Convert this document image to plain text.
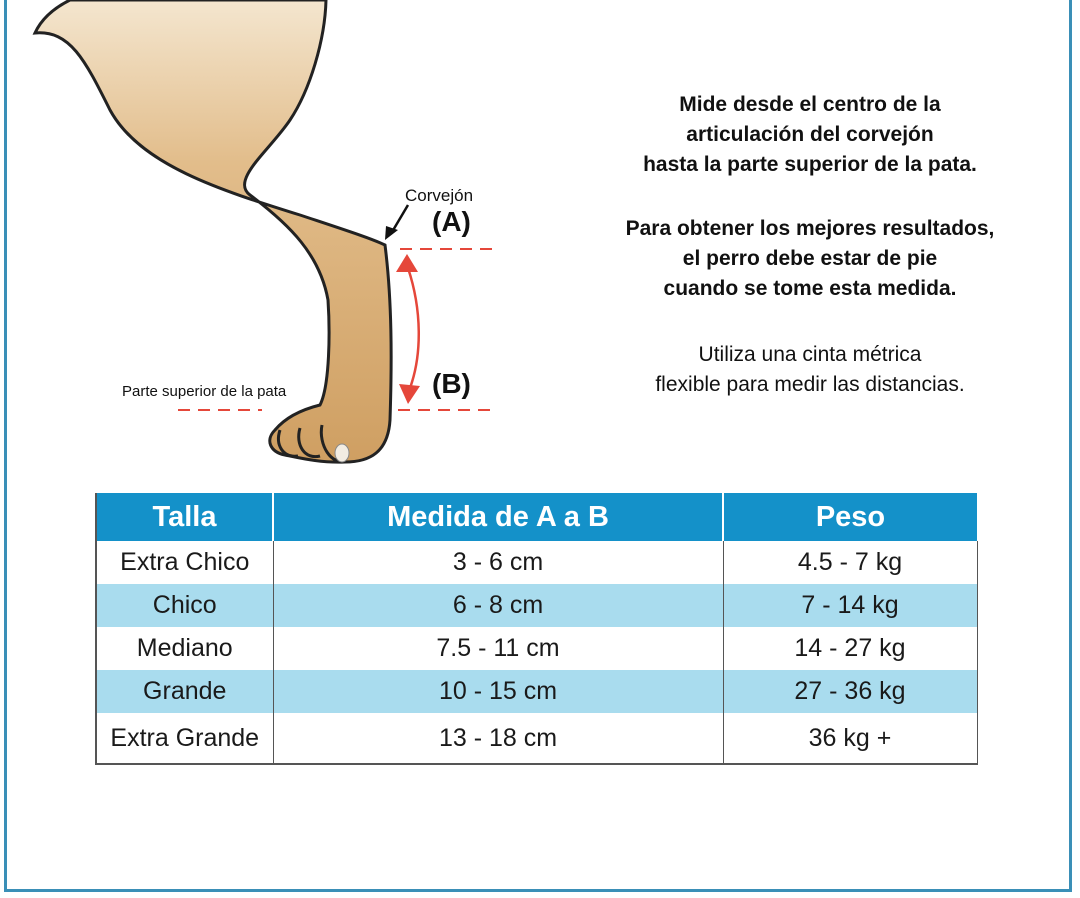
Corvejón
(A)
(B)
Parte superior de la pata
Mide desde el centro de la
articulación del corvejón
hasta la parte superior de la pata.
Para obtener los mejores resultados,
el perro debe estar de pie
cuando se tome esta medida.
Utiliza una cinta métrica
flexible para medir las distancias.
Talla	Medida de A a B	Peso
Extra Chico	3 - 6 cm	4.5 - 7 kg
Chico	6 - 8 cm	7 - 14 kg
Mediano	7.5 - 11 cm	14 - 27 kg
Grande	10 - 15 cm	27 - 36 kg
Extra Grande	13 - 18 cm	36 kg +
